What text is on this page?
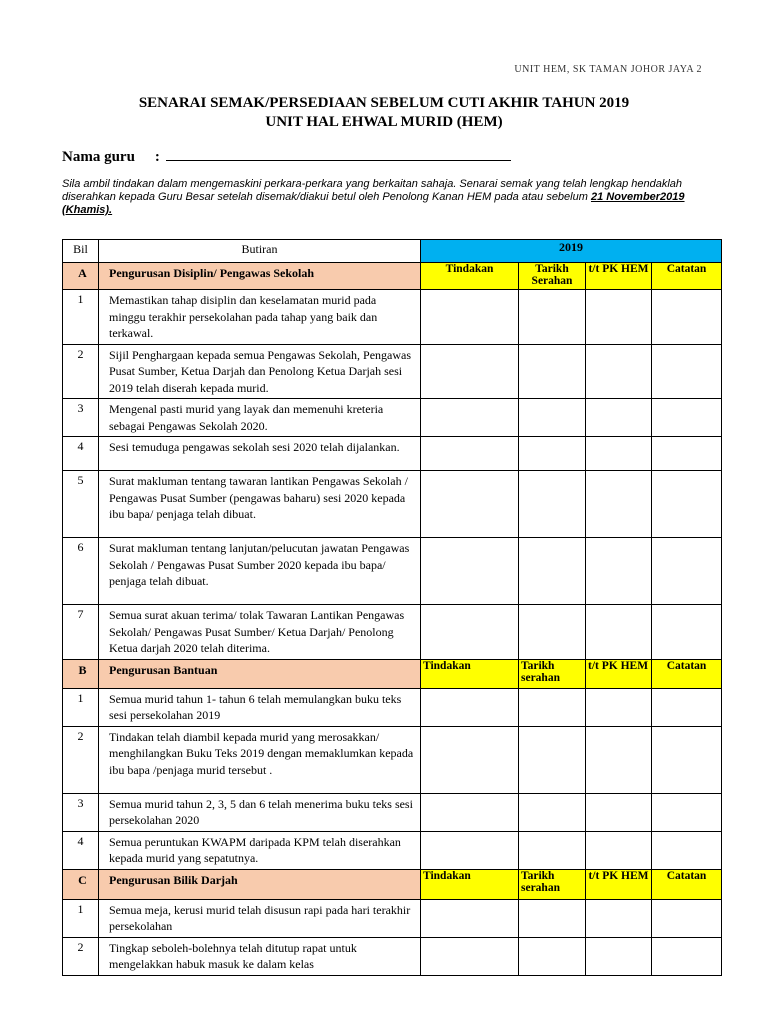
UNIT HEM, SK TAMAN JOHOR JAYA 2
SENARAI SEMAK/PERSEDIAAN SEBELUM CUTI AKHIR TAHUN 2019
UNIT HAL EHWAL MURID (HEM)
Nama guru :
Sila ambil tindakan dalam mengemaskini perkara-perkara yang berkaitan sahaja. Senarai semak yang telah lengkap hendaklah diserahkan kepada Guru Besar setelah disemak/diakui betul oleh Penolong Kanan HEM pada atau sebelum 21 November2019 (Khamis).
Bil	Butiran	2019			
A	Pengurusan Disiplin/ Pengawas Sekolah	Tindakan	Tarikh Serahan	t/t PK HEM	Catatan
1	Memastikan tahap disiplin dan keselamatan murid pada minggu terakhir persekolahan pada tahap yang baik dan terkawal.				
2	Sijil Penghargaan kepada semua Pengawas Sekolah, Pengawas Pusat Sumber, Ketua Darjah dan Penolong Ketua Darjah sesi 2019 telah diserah kepada murid.				
3	Mengenal pasti murid yang layak dan memenuhi kreteria sebagai Pengawas Sekolah 2020.				
4	Sesi temuduga pengawas sekolah sesi 2020 telah dijalankan.				
5	Surat makluman tentang tawaran lantikan Pengawas Sekolah / Pengawas Pusat Sumber (pengawas baharu) sesi 2020 kepada ibu bapa/ penjaga telah dibuat.				
6	Surat makluman tentang lanjutan/pelucutan jawatan Pengawas Sekolah / Pengawas Pusat Sumber 2020 kepada ibu bapa/ penjaga telah dibuat.				
7	Semua surat akuan terima/ tolak Tawaran Lantikan Pengawas Sekolah/ Pengawas Pusat Sumber/ Ketua Darjah/ Penolong Ketua darjah 2020 telah diterima.				
B	Pengurusan Bantuan	Tindakan	Tarikh serahan	t/t PK HEM	Catatan
1	Semua murid tahun 1- tahun 6 telah memulangkan buku teks sesi persekolahan 2019				
2	Tindakan telah diambil kepada murid yang merosakkan/ menghilangkan Buku Teks 2019 dengan memaklumkan kepada ibu bapa /penjaga murid tersebut .				
3	Semua murid tahun 2, 3, 5 dan 6 telah menerima buku teks sesi persekolahan 2020				
4	Semua peruntukan KWAPM daripada KPM telah diserahkan kepada murid yang sepatutnya.				
C	Pengurusan Bilik Darjah	Tindakan	Tarikh serahan	t/t PK HEM	Catatan
1	Semua meja, kerusi murid telah disusun rapi pada hari terakhir persekolahan				
2	Tingkap seboleh-bolehnya telah ditutup rapat untuk mengelakkan habuk masuk ke dalam kelas				
